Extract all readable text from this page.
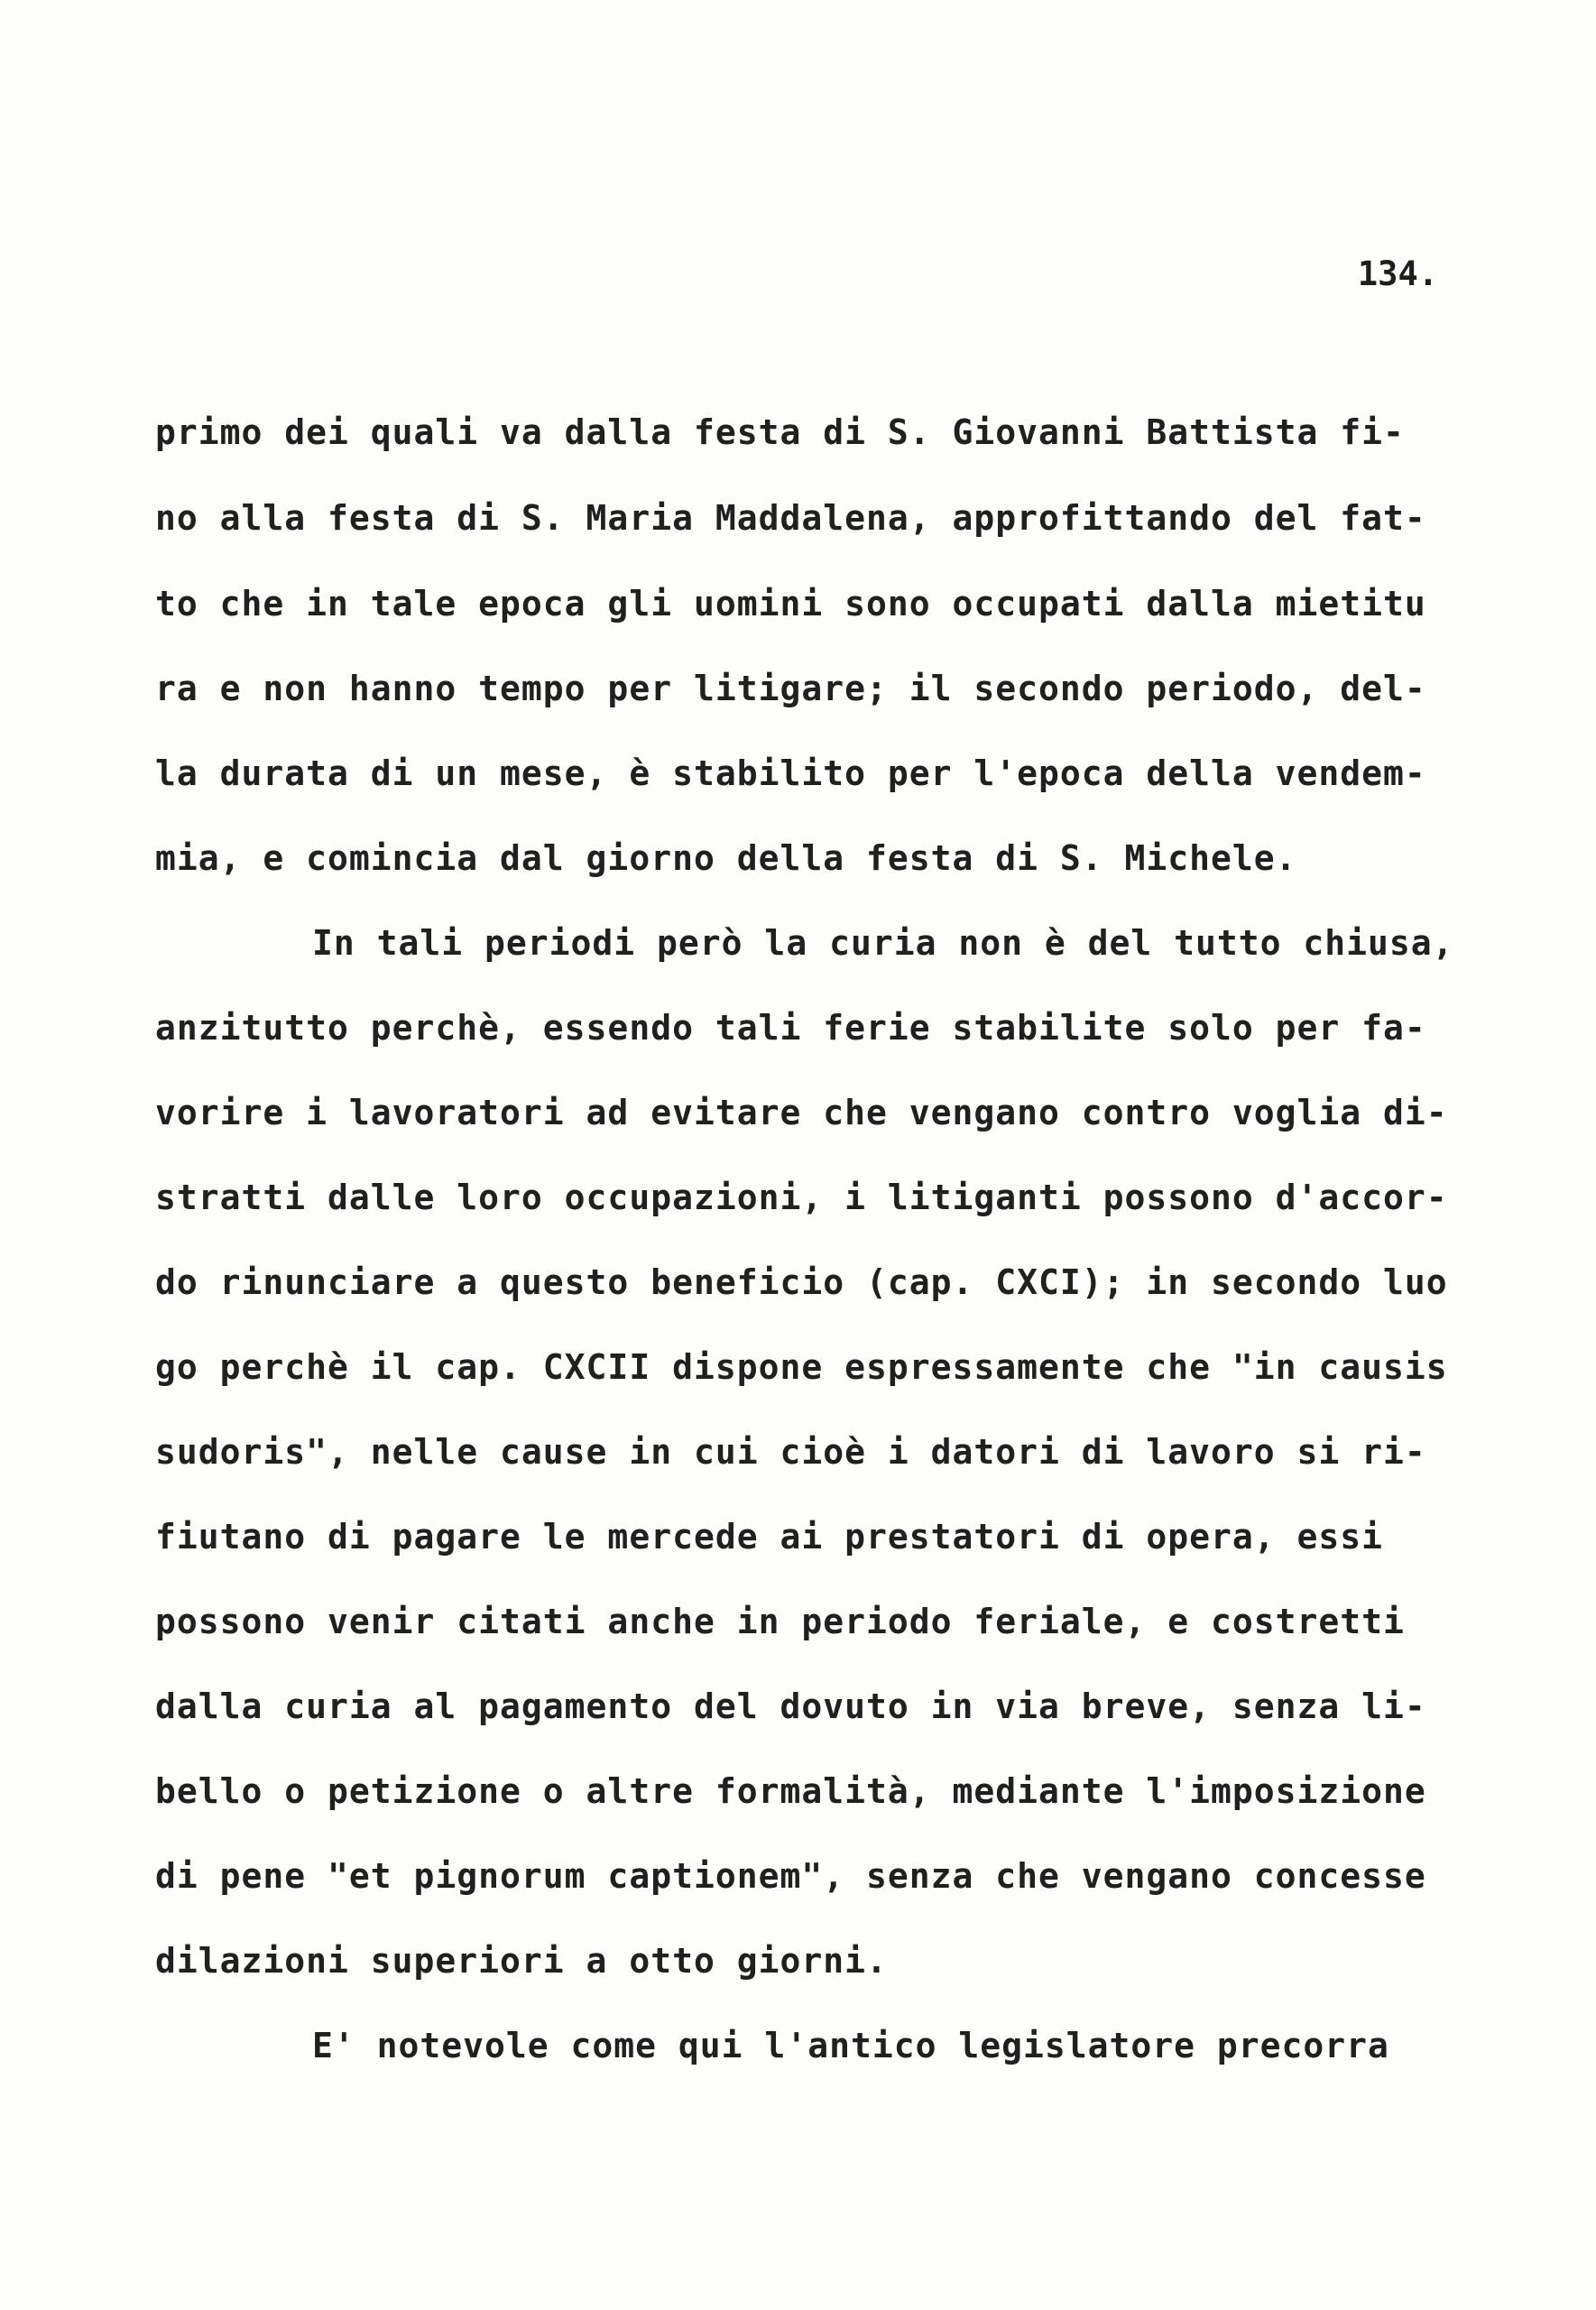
134.
primo dei quali va dalla festa di S. Giovanni Battista fi-
no alla festa di S. Maria Maddalena, approfittando del fat-
to che in tale epoca gli uomini sono occupati dalla mietitu
ra e non hanno tempo per litigare; il secondo periodo, del-
la durata di un mese, è stabilito per l'epoca della vendem-
mia, e comincia dal giorno della festa di S. Michele.
In tali periodi però la curia non è del tutto chiusa,
anzitutto perchè, essendo tali ferie stabilite solo per fa-
vorire i lavoratori ad evitare che vengano contro voglia di-
stratti dalle loro occupazioni, i litiganti possono d'accor-
do rinunciare a questo beneficio (cap. CXCI); in secondo luo
go perchè il cap. CXCII dispone espressamente che "in causis
sudoris", nelle cause in cui cioè i datori di lavoro si ri-
fiutano di pagare le mercede ai prestatori di opera, essi
possono venir citati anche in periodo feriale, e costretti
dalla curia al pagamento del dovuto in via breve, senza li-
bello o petizione o altre formalità, mediante l'imposizione
di pene "et pignorum captionem", senza che vengano concesse
dilazioni superiori a otto giorni.
E' notevole come qui l'antico legislatore precorra
